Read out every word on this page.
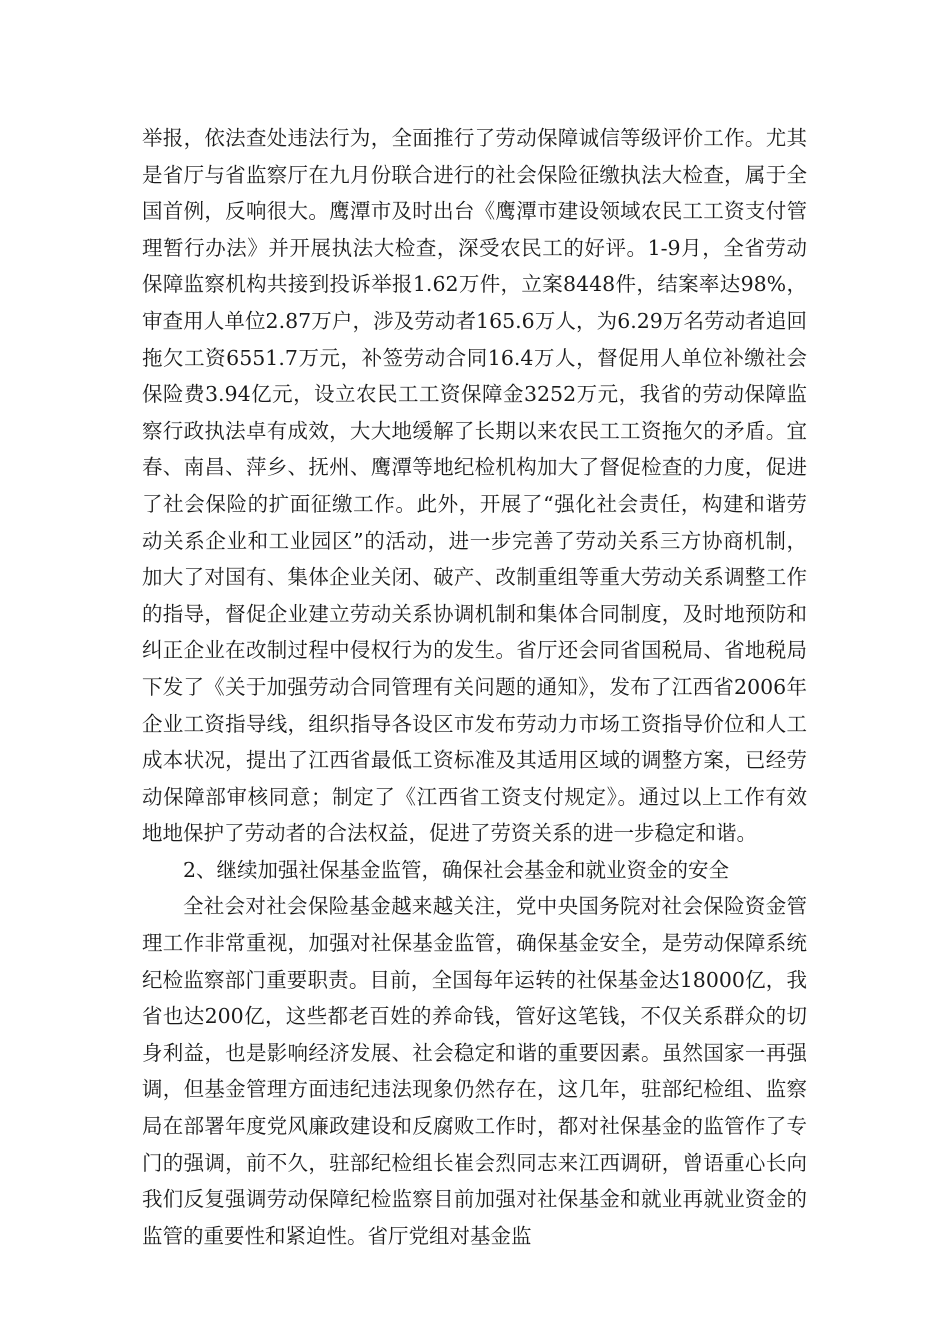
举报，依法查处违法行为，全面推行了劳动保障诚信等级评价工作。尤其是省厅与省监察厅在九月份联合进行的社会保险征缴执法大检查，属于全国首例，反响很大。鹰潭市及时出台《鹰潭市建设领域农民工工资支付管理暂行办法》并开展执法大检查，深受农民工的好评。1-9月，全省劳动保障监察机构共接到投诉举报1.62万件，立案8448件，结案率达98%，审查用人单位2.87万户，涉及劳动者165.6万人，为6.29万名劳动者追回拖欠工资6551.7万元，补签劳动合同16.4万人，督促用人单位补缴社会保险费3.94亿元，设立农民工工资保障金3252万元，我省的劳动保障监察行政执法卓有成效，大大地缓解了长期以来农民工工资拖欠的矛盾。宜春、南昌、萍乡、抚州、鹰潭等地纪检机构加大了督促检查的力度，促进了社会保险的扩面征缴工作。此外，开展了“强化社会责任，构建和谐劳动关系企业和工业园区”的活动，进一步完善了劳动关系三方协商机制，加大了对国有、集体企业关闭、破产、改制重组等重大劳动关系调整工作的指导，督促企业建立劳动关系协调机制和集体合同制度，及时地预防和纠正企业在改制过程中侵权行为的发生。省厅还会同省国税局、省地税局下发了《关于加强劳动合同管理有关问题的通知》，发布了江西省2006年企业工资指导线，组织指导各设区市发布劳动力市场工资指导价位和人工成本状况，提出了江西省最低工资标准及其适用区域的调整方案，已经劳动保障部审核同意；制定了《江西省工资支付规定》。通过以上工作有效地地保护了劳动者的合法权益，促进了劳资关系的进一步稳定和谐。

2、继续加强社保基金监管，确保社会基金和就业资金的安全

全社会对社会保险基金越来越关注，党中央国务院对社会保险资金管理工作非常重视，加强对社保基金监管，确保基金安全，是劳动保障系统纪检监察部门重要职责。目前，全国每年运转的社保基金达18000亿，我省也达200亿，这些都老百姓的养命钱，管好这笔钱，不仅关系群众的切身利益，也是影响经济发展、社会稳定和谐的重要因素。虽然国家一再强调，但基金管理方面违纪违法现象仍然存在，这几年，驻部纪检组、监察局在部署年度党风廉政建设和反腐败工作时，都对社保基金的监管作了专门的强调，前不久，驻部纪检组长崔会烈同志来江西调研，曾语重心长向我们反复强调劳动保障纪检监察目前加强对社保基金和就业再就业资金的监管的重要性和紧迫性。省厅党组对基金监
